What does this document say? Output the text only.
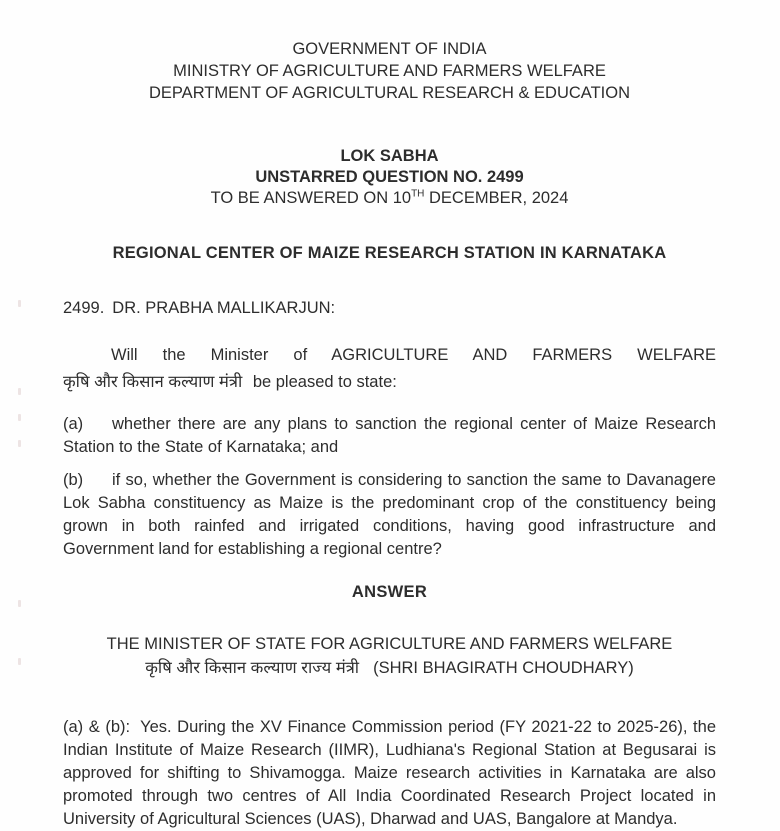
GOVERNMENT OF INDIA
MINISTRY OF AGRICULTURE AND FARMERS WELFARE
DEPARTMENT OF AGRICULTURAL RESEARCH & EDUCATION
LOK SABHA
UNSTARRED QUESTION NO. 2499
TO BE ANSWERED ON 10TH DECEMBER, 2024
REGIONAL CENTER OF MAIZE RESEARCH STATION IN KARNATAKA
2499. DR. PRABHA MALLIKARJUN:

Will the Minister of AGRICULTURE AND FARMERS WELFARE कृषि और किसान कल्याण मंत्री be pleased to state:

(a) whether there are any plans to sanction the regional center of Maize Research Station to the State of Karnataka; and

(b) if so, whether the Government is considering to sanction the same to Davanagere Lok Sabha constituency as Maize is the predominant crop of the constituency being grown in both rainfed and irrigated conditions, having good infrastructure and Government land for establishing a regional centre?

ANSWER
THE MINISTER OF STATE FOR AGRICULTURE AND FARMERS WELFARE
कृषि और किसान कल्याण राज्य मंत्री (SHRI BHAGIRATH CHOUDHARY)

(a) & (b): Yes. During the XV Finance Commission period (FY 2021-22 to 2025-26), the Indian Institute of Maize Research (IIMR), Ludhiana's Regional Station at Begusarai is approved for shifting to Shivamogga. Maize research activities in Karnataka are also promoted through two centres of All India Coordinated Research Project located in University of Agricultural Sciences (UAS), Dharwad and UAS, Bangalore at Mandya.
